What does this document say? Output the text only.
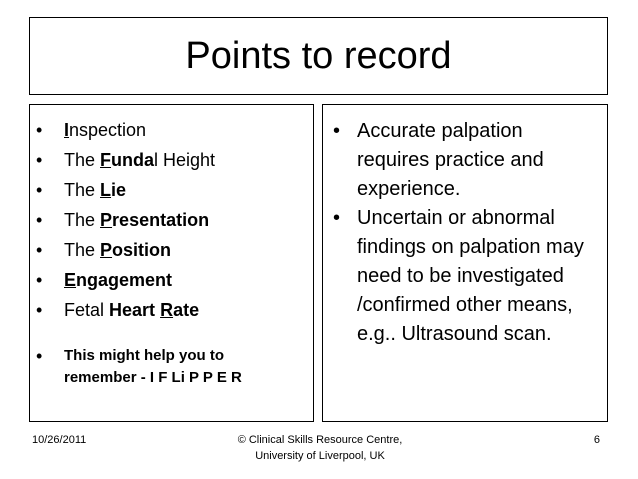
Points to record
• Inspection
• The Fundal Height
• The Lie
• The Presentation
• The Position
• Engagement
• Fetal Heart Rate
• This might help you to remember - I F Li P P E R
• Accurate palpation requires practice and experience.
• Uncertain or abnormal findings on palpation may need to be investigated /confirmed other means, e.g.. Ultrasound scan.
10/26/2011	© Clinical Skills Resource Centre,
University of Liverpool, UK
6
